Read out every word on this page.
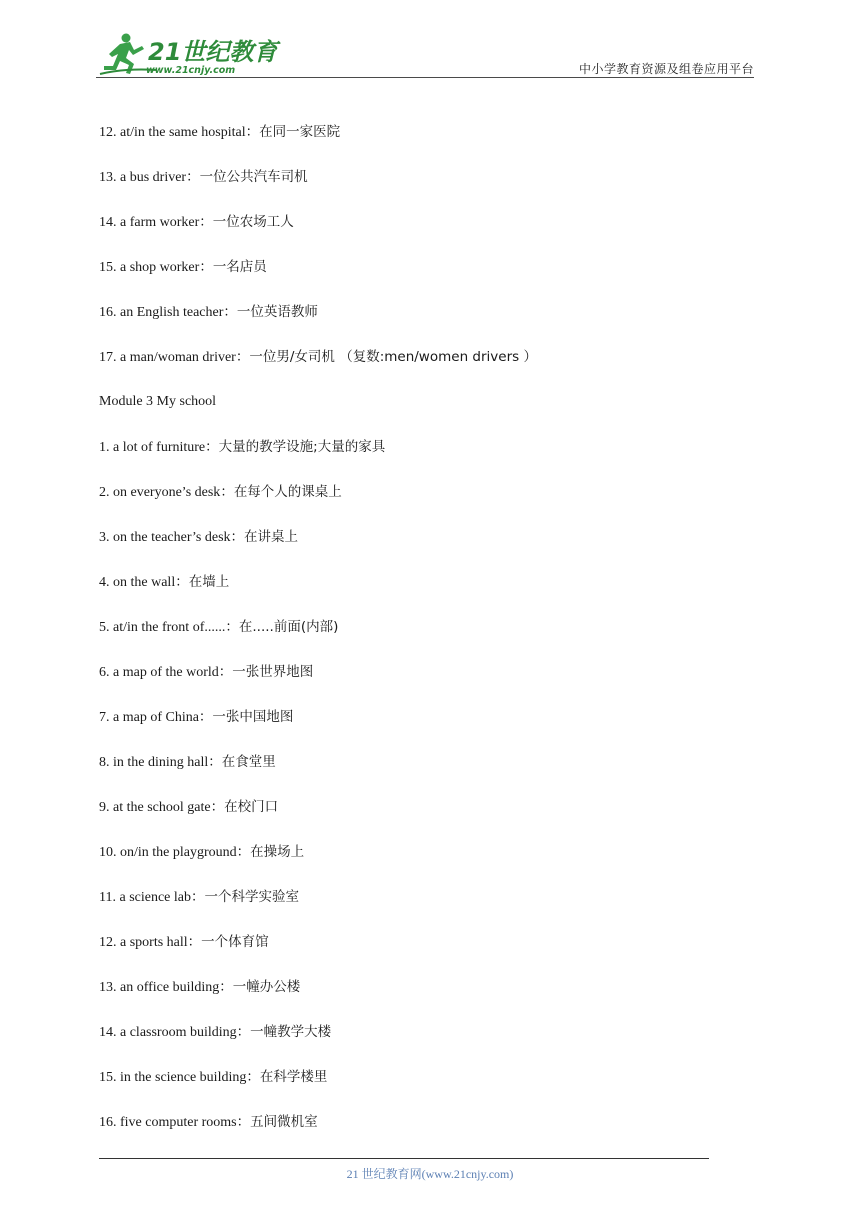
21世纪教育
www.21cnjy.com	中小学教育资源及组卷应用平台
12. at/in the same hospital：在同一家医院
13. a bus driver：一位公共汽车司机
14. a farm worker：一位农场工人
15. a shop worker：一名店员
16. an English teacher：一位英语教师
17. a man/woman driver：一位男/女司机 （复数:men/women drivers ）
Module 3 My school
1. a lot of furniture：大量的教学设施;大量的家具
2. on everyone’s desk：在每个人的课桌上
3. on the teacher’s desk：在讲桌上
4. on the wall：在墙上
5. at/in the front of......：在.....前面(内部)
6. a map of the world：一张世界地图
7. a map of China：一张中国地图
8. in the dining hall：在食堂里
9. at the school gate：在校门口
10. on/in the playground：在操场上
11. a science lab：一个科学实验室
12. a sports hall：一个体育馆
13. an office building：一幢办公楼
14. a classroom building：一幢教学大楼
15. in the science building：在科学楼里
16. five computer rooms：五间微机室
21 世纪教育网(www.21cnjy.com)
